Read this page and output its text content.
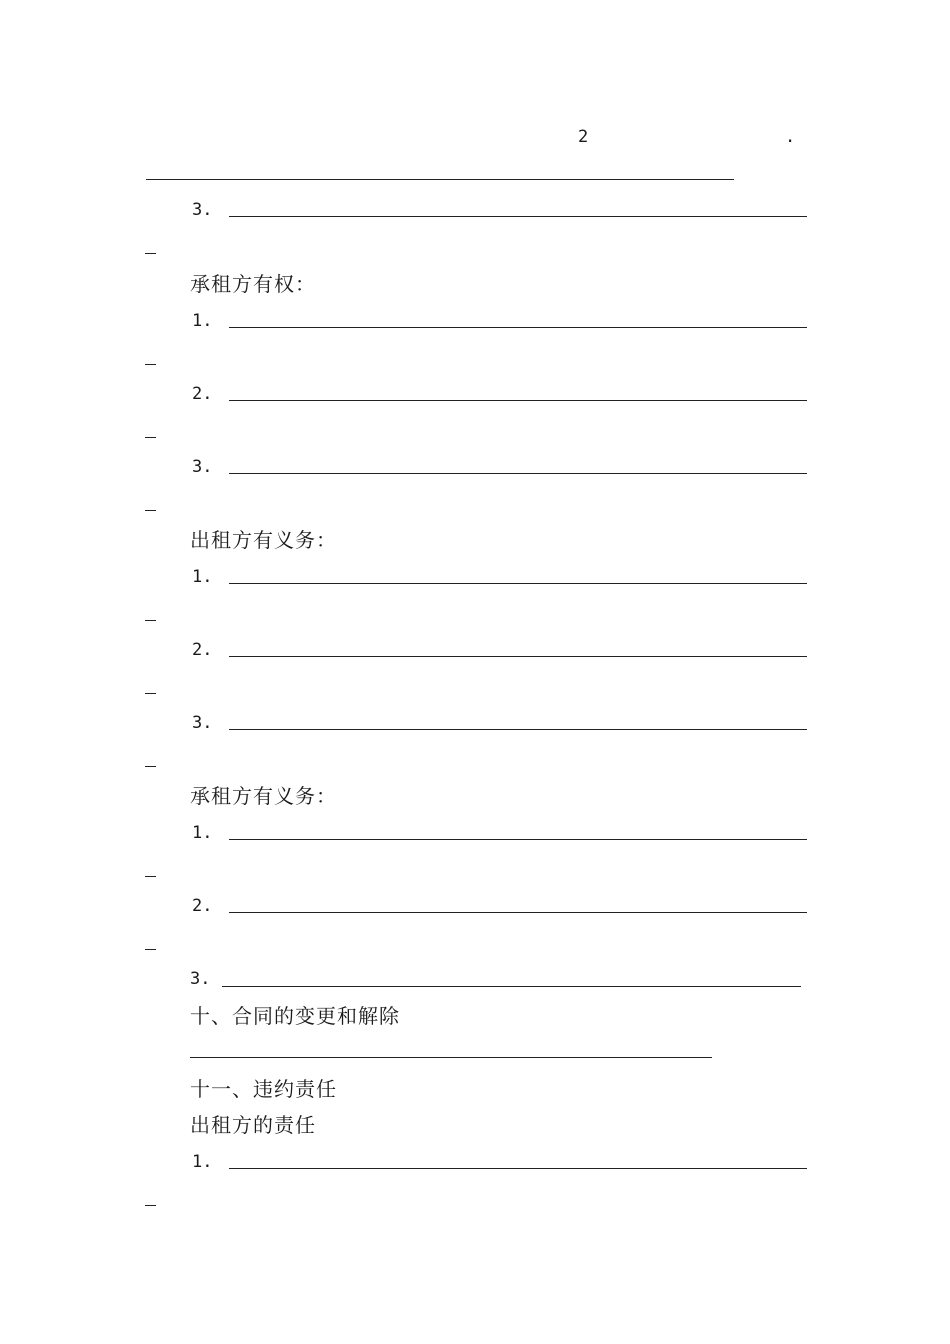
2	.
3.
承租方有权：
1.
2.
3.
出租方有义务：
1.
2.
3.
承租方有义务：
1.
2.
3.
十、合同的变更和解除
十一、违约责任
出租方的责任
1.
